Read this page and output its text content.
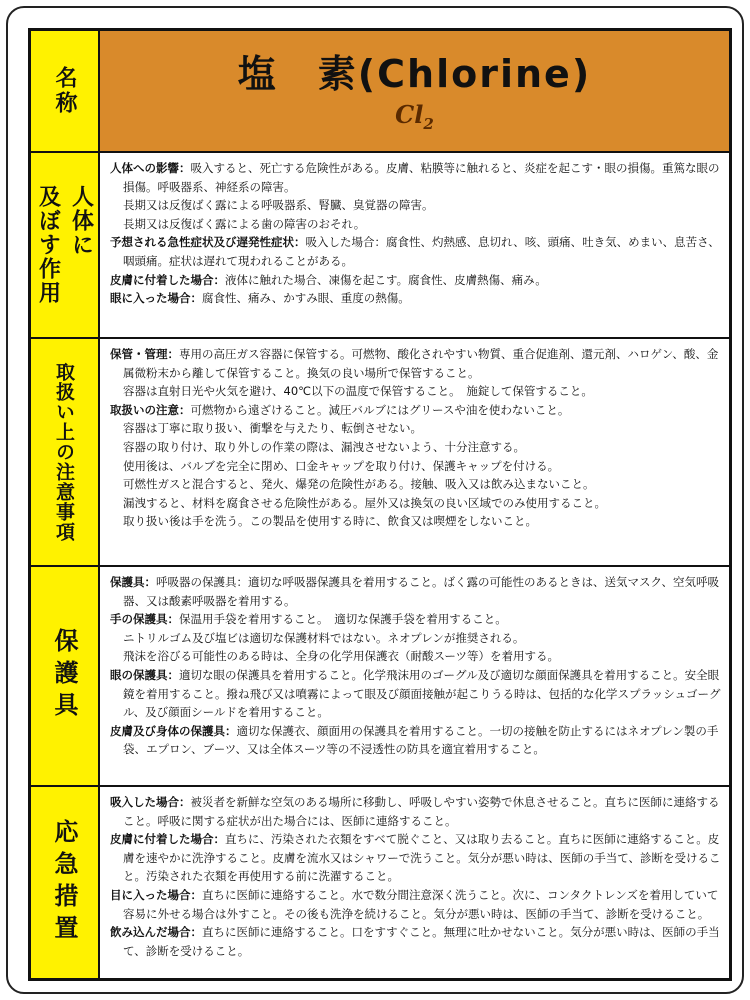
名称	塩　素(Chlorine)
$Cl_2$
人体に
及ぼす作用

人体への影響：吸入すると、死亡する危険性がある。皮膚、粘膜等に触れると、炎症を起こす・眼の損傷。重篤な眼の損傷。呼吸器系、神経系の障害。

長期又は反復ばく露による呼吸器系、腎臓、臭覚器の障害。

長期又は反復ばく露による歯の障害のおそれ。

予想される急性症状及び遅発性症状：吸入した場合：腐食性、灼熱感、息切れ、咳、頭痛、吐き気、めまい、息苦さ、咽頭痛。症状は遅れて現われることがある。

皮膚に付着した場合：液体に触れた場合、凍傷を起こす。腐食性、皮膚熱傷、痛み。

眼に入った場合：腐食性、痛み、かすみ眼、重度の熱傷。

取扱い上の注意事項

保管・管理：専用の高圧ガス容器に保管する。可燃物、酸化されやすい物質、重合促進剤、還元剤、ハロゲン、酸、金属微粉末から離して保管すること。換気の良い場所で保管すること。

容器は直射日光や火気を避け、40℃以下の温度で保管すること。　施錠して保管すること。

取扱いの注意：可燃物から遠ざけること。減圧バルブにはグリースや油を使わないこと。

容器は丁寧に取り扱い、衝撃を与えたり、転倒させない。

容器の取り付け、取り外しの作業の際は、漏洩させないよう、十分注意する。

使用後は、バルブを完全に閉め、口金キャップを取り付け、保護キャップを付ける。

可燃性ガスと混合すると、発火、爆発の危険性がある。接触、吸入又は飲み込まないこと。

漏洩すると、材料を腐食させる危険性がある。屋外又は換気の良い区域でのみ使用すること。

取り扱い後は手を洗う。この製品を使用する時に、飲食又は喫煙をしないこと。

保護具

保護具：呼吸器の保護具：適切な呼吸器保護具を着用すること。ばく露の可能性のあるときは、送気マスク、空気呼吸器、又は酸素呼吸器を着用する。

手の保護具：保温用手袋を着用すること。　適切な保護手袋を着用すること。

ニトリルゴム及び塩ビは適切な保護材料ではない。ネオプレンが推奨される。

飛沫を浴びる可能性のある時は、全身の化学用保護衣（耐酸スーツ等）を着用する。

眼の保護具：適切な眼の保護具を着用すること。化学飛沫用のゴーグル及び適切な顔面保護具を着用すること。安全眼鏡を着用すること。撥ね飛び又は噴霧によって眼及び顔面接触が起こりうる時は、包括的な化学スプラッシュゴーグル、及び顔面シールドを着用すること。

皮膚及び身体の保護具：適切な保護衣、顔面用の保護具を着用すること。一切の接触を防止するにはネオプレン製の手袋、エプロン、ブーツ、又は全体スーツ等の不浸透性の防具を適宜着用すること。

応急措置

吸入した場合：被災者を新鮮な空気のある場所に移動し、呼吸しやすい姿勢で休息させること。直ちに医師に連絡すること。呼吸に関する症状が出た場合には、医師に連絡すること。

皮膚に付着した場合：直ちに、汚染された衣類をすべて脱ぐこと、又は取り去ること。直ちに医師に連絡すること。皮膚を速やかに洗浄すること。皮膚を流水又はシャワーで洗うこと。気分が悪い時は、医師の手当て、診断を受けること。汚染された衣類を再使用する前に洗濯すること。

目に入った場合：直ちに医師に連絡すること。水で数分間注意深く洗うこと。次に、コンタクトレンズを着用していて容易に外せる場合は外すこと。その後も洗浄を続けること。気分が悪い時は、医師の手当て、診断を受けること。

飲み込んだ場合：直ちに医師に連絡すること。口をすすぐこと。無理に吐かせないこと。気分が悪い時は、医師の手当て、診断を受けること。
